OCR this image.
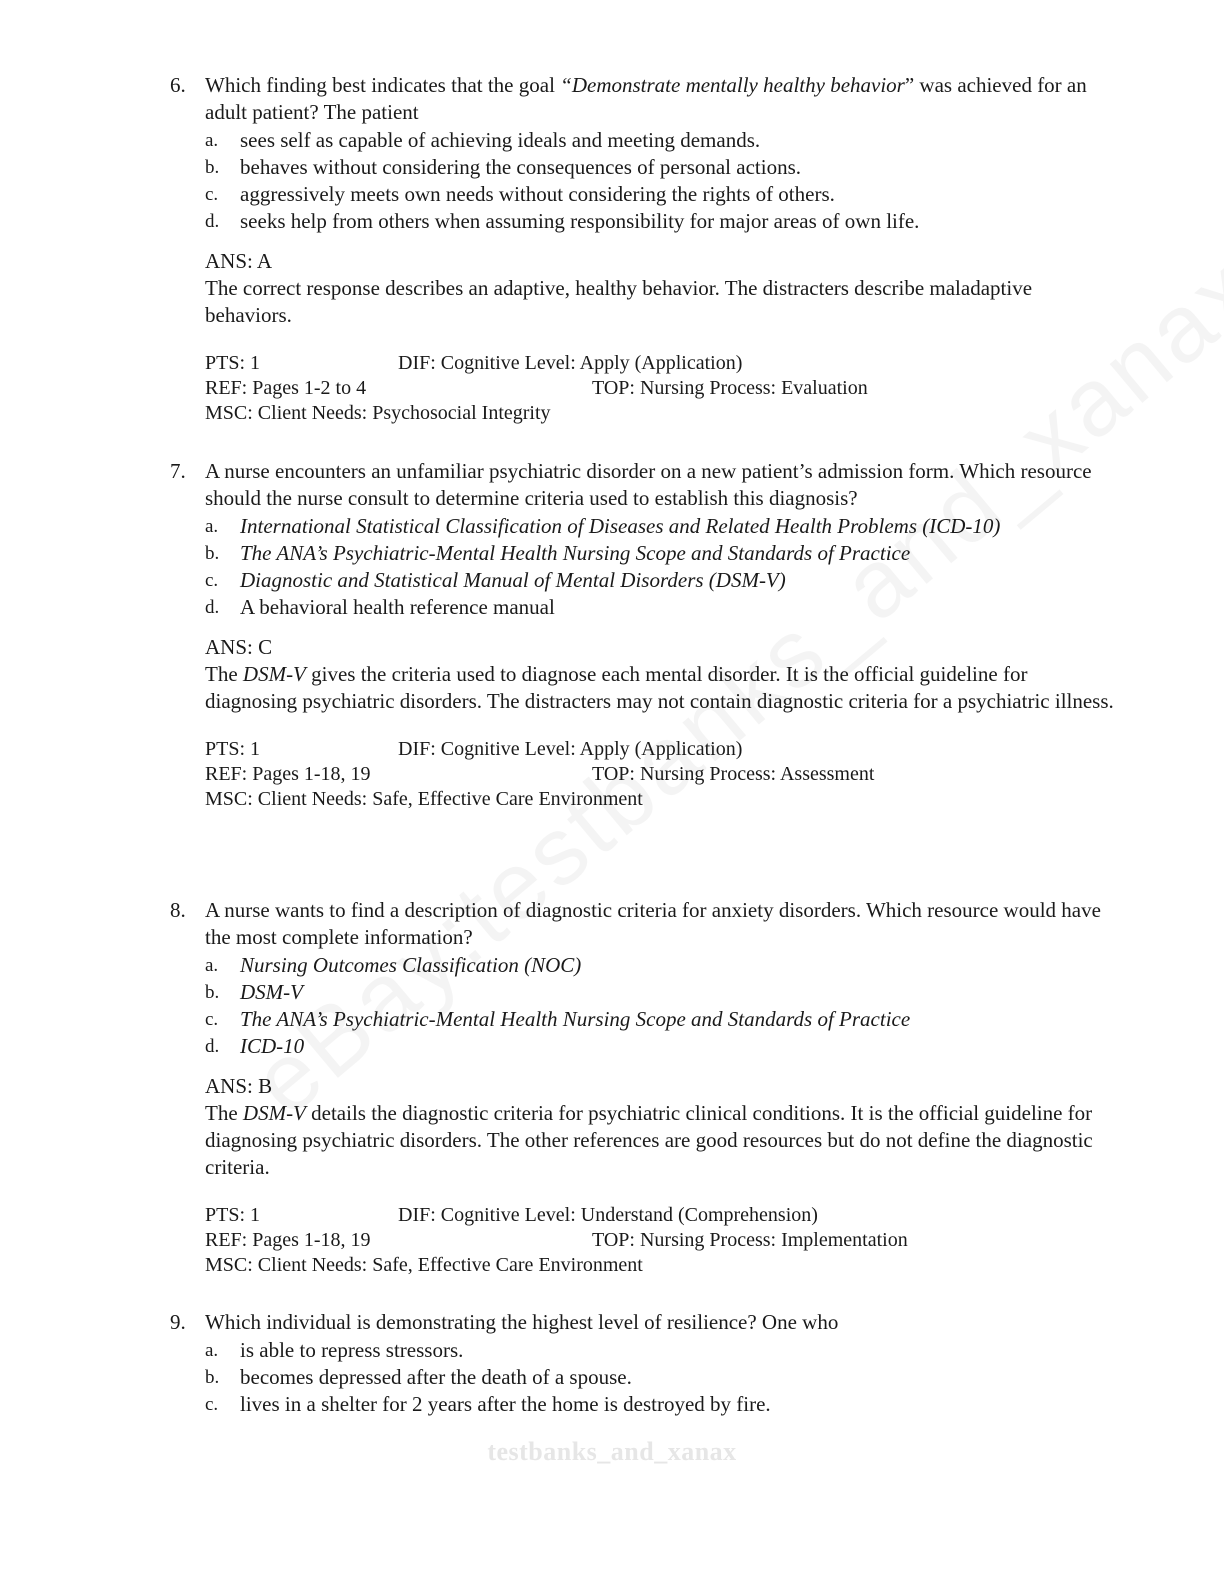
6. Which finding best indicates that the goal “Demonstrate mentally healthy behavior” was achieved for an adult patient? The patient
a.	sees self as capable of achieving ideals and meeting demands.
b. behaves without considering the consequences of personal actions.
c.	aggressively meets own needs without considering the rights of others.
d. seeks help from others when assuming responsibility for major areas of own life.
ANS: A
The correct response describes an adaptive, healthy behavior. The distracters describe maladaptive behaviors.
PTS: 1	DIF: Cognitive Level: Apply (Application)
REF: Pages 1-2 to 4	TOP: Nursing Process: Evaluation
MSC: Client Needs: Psychosocial Integrity
7. A nurse encounters an unfamiliar psychiatric disorder on a new patient’s admission form. Which resource should the nurse consult to determine criteria used to establish this diagnosis?
a.	International Statistical Classification of Diseases and Related Health Problems (ICD-10)
b. The ANA’s Psychiatric-Mental Health Nursing Scope and Standards of Practice
c.	Diagnostic and Statistical Manual of Mental Disorders (DSM-V)
d. A behavioral health reference manual
ANS: C
The DSM-V gives the criteria used to diagnose each mental disorder. It is the official guideline for diagnosing psychiatric disorders. The distracters may not contain diagnostic criteria for a psychiatric illness.
PTS: 1	DIF: Cognitive Level: Apply (Application)
REF: Pages 1-18, 19	TOP: Nursing Process: Assessment
MSC: Client Needs: Safe, Effective Care Environment
8. A nurse wants to find a description of diagnostic criteria for anxiety disorders. Which resource would have the most complete information?
a.	Nursing Outcomes Classification (NOC)
b. DSM-V
c.	The ANA’s Psychiatric-Mental Health Nursing Scope and Standards of Practice
d. ICD-10
ANS: B
The DSM-V details the diagnostic criteria for psychiatric clinical conditions. It is the official guideline for diagnosing psychiatric disorders. The other references are good resources but do not define the diagnostic criteria.
PTS: 1	DIF: Cognitive Level: Understand (Comprehension)
REF: Pages 1-18, 19	TOP: Nursing Process: Implementation
MSC: Client Needs: Safe, Effective Care Environment
9. Which individual is demonstrating the highest level of resilience? One who
a.	is able to repress stressors.
b. becomes depressed after the death of a spouse.
c.	lives in a shelter for 2 years after the home is destroyed by fire.
testbanks_and_xanax
